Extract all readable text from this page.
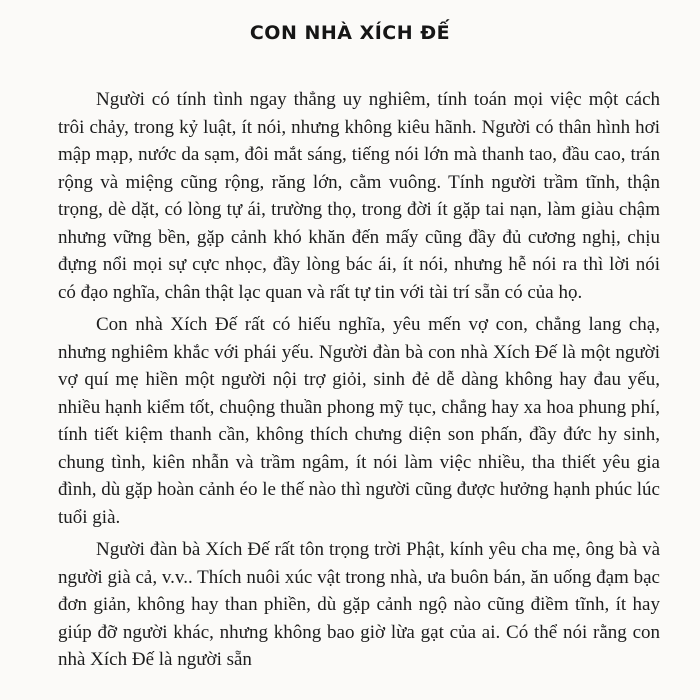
CON NHÀ XÍCH ĐẾ

Người có tính tình ngay thẳng uy nghiêm, tính toán mọi việc một cách trôi chảy, trong kỷ luật, ít nói, nhưng không kiêu hãnh. Người có thân hình hơi mập mạp, nước da sạm, đôi mắt sáng, tiếng nói lớn mà thanh tao, đầu cao, trán rộng và miệng cũng rộng, răng lớn, cằm vuông. Tính người trầm tĩnh, thận trọng, dè dặt, có lòng tự ái, trường thọ, trong đời ít gặp tai nạn, làm giàu chậm nhưng vững bền, gặp cảnh khó khăn đến mấy cũng đầy đủ cương nghị, chịu đựng nổi mọi sự cực nhọc, đầy lòng bác ái, ít nói, nhưng hễ nói ra thì lời nói có đạo nghĩa, chân thật lạc quan và rất tự tin với tài trí sẵn có của họ.

Con nhà Xích Đế rất có hiếu nghĩa, yêu mến vợ con, chẳng lang chạ, nhưng nghiêm khắc với phái yếu. Người đàn bà con nhà Xích Đế là một người vợ quí mẹ hiền một người nội trợ giỏi, sinh đẻ dễ dàng không hay đau yếu, nhiều hạnh kiểm tốt, chuộng thuần phong mỹ tục, chẳng hay xa hoa phung phí, tính tiết kiệm thanh cần, không thích chưng diện son phấn, đầy đức hy sinh, chung tình, kiên nhẫn và trầm ngâm, ít nói làm việc nhiều, tha thiết yêu gia đình, dù gặp hoàn cảnh éo le thế nào thì người cũng được hưởng hạnh phúc lúc tuổi già.

Người đàn bà Xích Đế rất tôn trọng trời Phật, kính yêu cha mẹ, ông bà và người già cả, v.v.. Thích nuôi xúc vật trong nhà, ưa buôn bán, ăn uống đạm bạc đơn giản, không hay than phiền, dù gặp cảnh ngộ nào cũng điềm tĩnh, ít hay giúp đỡ người khác, nhưng không bao giờ lừa gạt của ai. Có thể nói rằng con nhà Xích Đế là người sẵn
